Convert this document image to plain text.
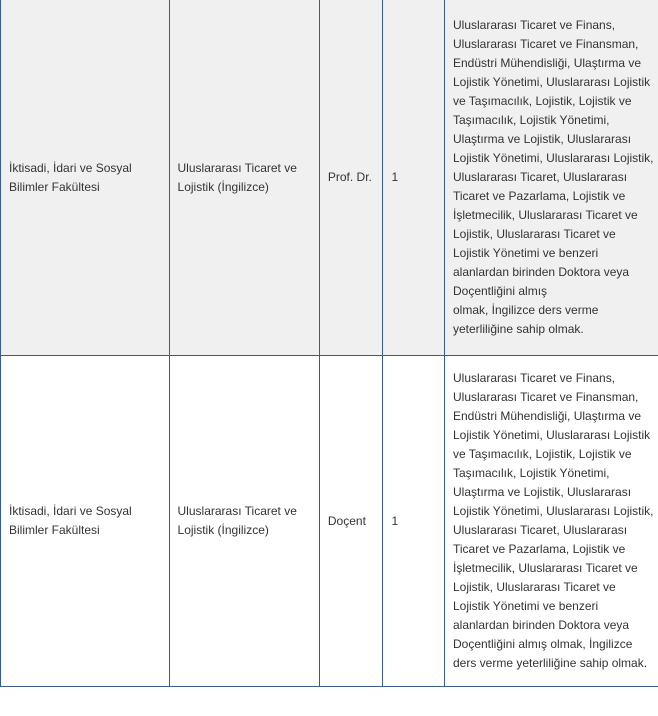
İktisadi, İdari ve Sosyal Bilimler Fakültesi	Uluslararası Ticaret ve Lojistik (İngilizce)	Prof. Dr.	1	Uluslararası Ticaret ve Finans, Uluslararası Ticaret ve Finansman, Endüstri Mühendisliği, Ulaştırma ve Lojistik Yönetimi, Uluslararası Lojistik ve Taşımacılık, Lojistik, Lojistik ve Taşımacılık, Lojistik Yönetimi, Ulaştırma ve Lojistik, Uluslararası Lojistik Yönetimi, Uluslararası Lojistik, Uluslararası Ticaret, Uluslararası Ticaret ve Pazarlama, Lojistik ve İşletmecilik, Uluslararası Ticaret ve Lojistik, Uluslararası Ticaret ve Lojistik Yönetimi ve benzeri alanlardan birinden Doktora veya Doçentliğini almış
olmak, İngilizce ders verme yeterliliğine sahip olmak.

İktisadi, İdari ve Sosyal Bilimler Fakültesi	Uluslararası Ticaret ve Lojistik (İngilizce)	Doçent	1	Uluslararası Ticaret ve Finans, Uluslararası Ticaret ve Finansman, Endüstri Mühendisliği, Ulaştırma ve Lojistik Yönetimi, Uluslararası Lojistik ve Taşımacılık, Lojistik, Lojistik ve Taşımacılık, Lojistik Yönetimi, Ulaştırma ve Lojistik, Uluslararası Lojistik Yönetimi, Uluslararası Lojistik, Uluslararası Ticaret, Uluslararası Ticaret ve Pazarlama, Lojistik ve İşletmecilik, Uluslararası Ticaret ve Lojistik, Uluslararası Ticaret ve Lojistik Yönetimi ve benzeri alanlardan birinden Doktora veya Doçentliğini almış olmak, İngilizce ders verme yeterliliğine sahip olmak.
